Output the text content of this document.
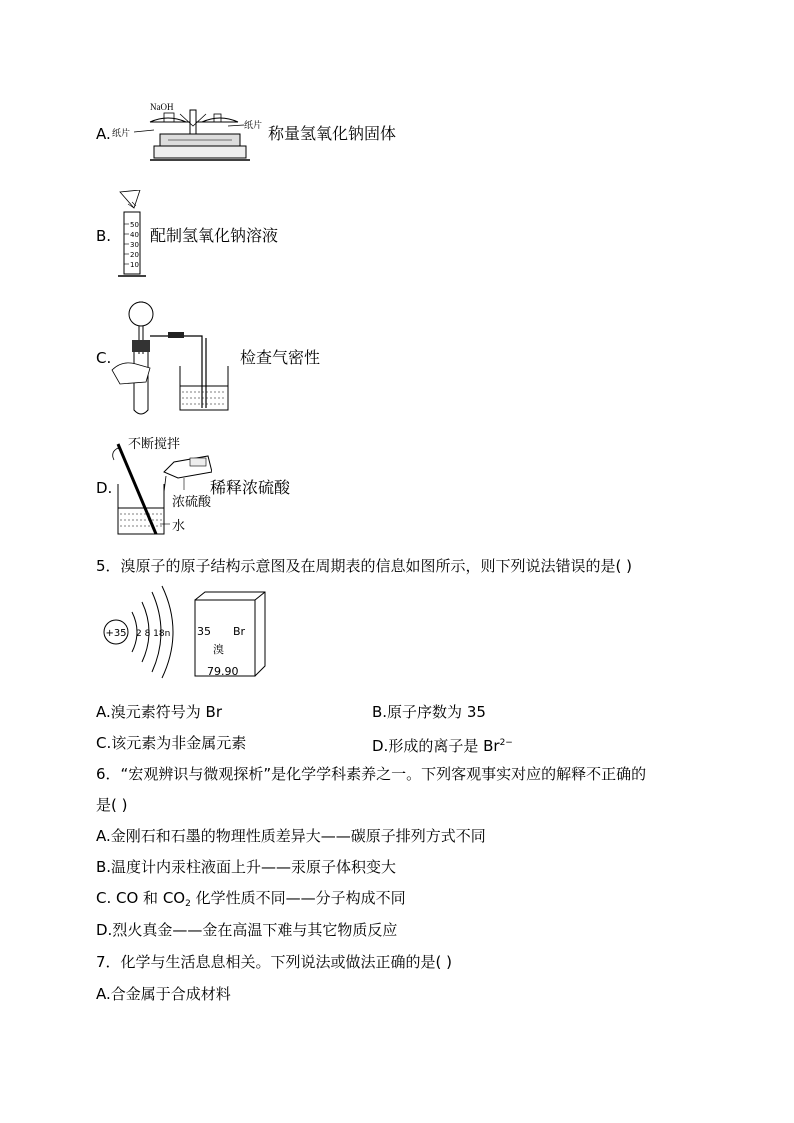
A.
NaOH
纸片
纸片 称量氢氧化钠固体
B.
50
40
30
20
10
配制氢氧化钠溶液
C.	检查气密性
D.
不断搅拌
浓硫酸
水
稀释浓硫酸
5．溴原子的原子结构示意图及在周期表的信息如图所示，则下列说法错误的是( )
+35 2 8 18n 35 Br
溴
79.90
A.溴元素符号为 Br	B.原子序数为 35
C.该元素为非金属元素	D.形成的离子是 $Br^{2-}$
6．“宏观辨识与微观探析”是化学学科素养之一。下列客观事实对应的解释不正确的
是( )
A.金刚石和石墨的物理性质差异大——碳原子排列方式不同
B.温度计内汞柱液面上升——汞原子体积变大
C. CO 和 $CO_2$ 化学性质不同——分子构成不同
D.烈火真金——金在高温下难与其它物质反应
7．化学与生活息息相关。下列说法或做法正确的是( )
A.合金属于合成材料
